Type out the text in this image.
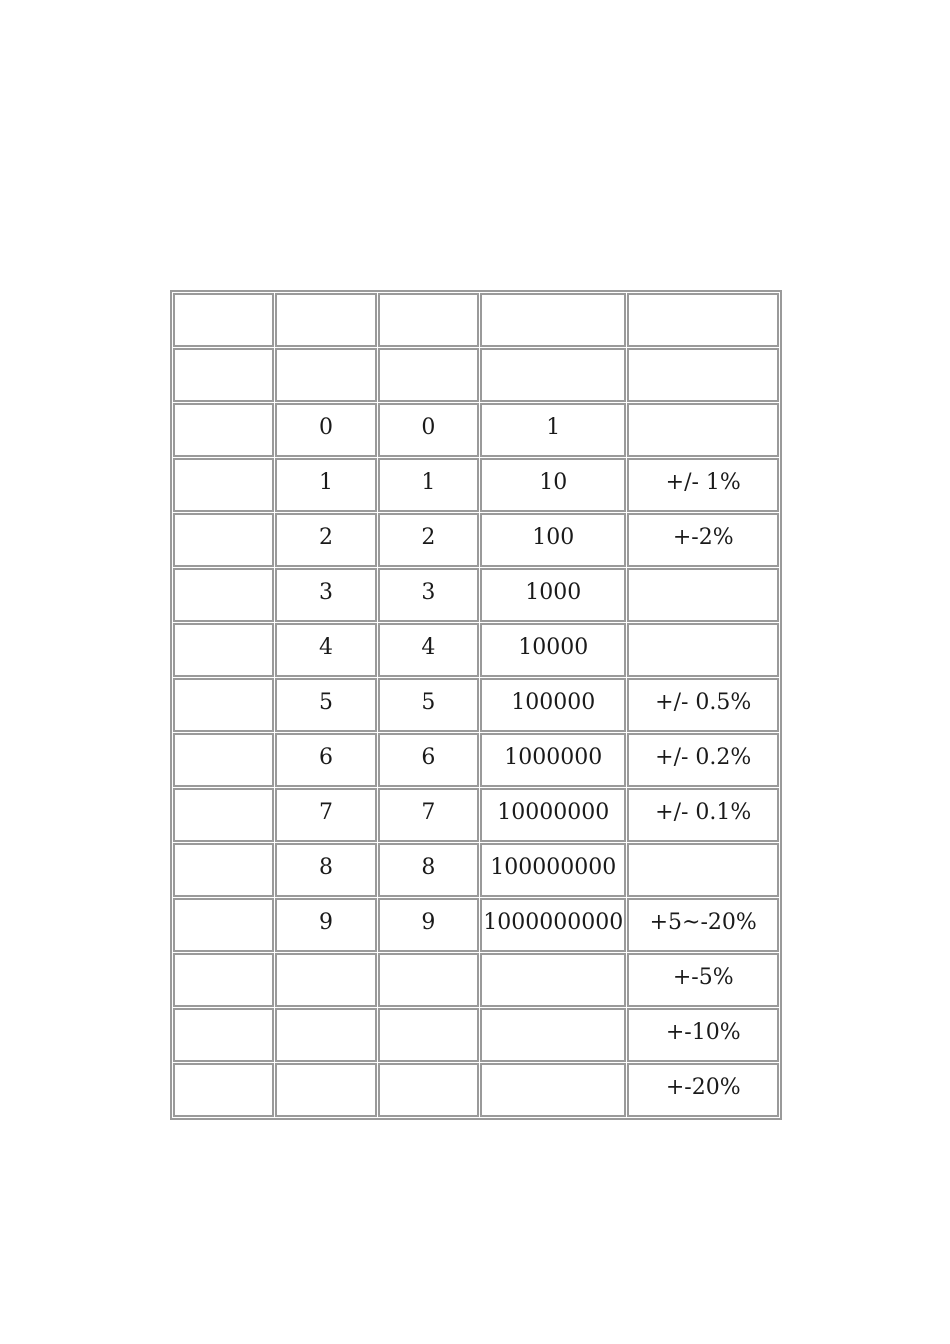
	0	0	1	

	1	1	10	+/- 1%

	2	2	100	+-2%

	3	3	1000	

	4	4	10000	

	5	5	100000	+/- 0.5%

	6	6	1000000	+/- 0.2%

	7	7	10000000	+/- 0.1%

	8	8	100000000	

	9	9	1000000000	+5~-20%

				+-5%

				+-10%

				+-20%
